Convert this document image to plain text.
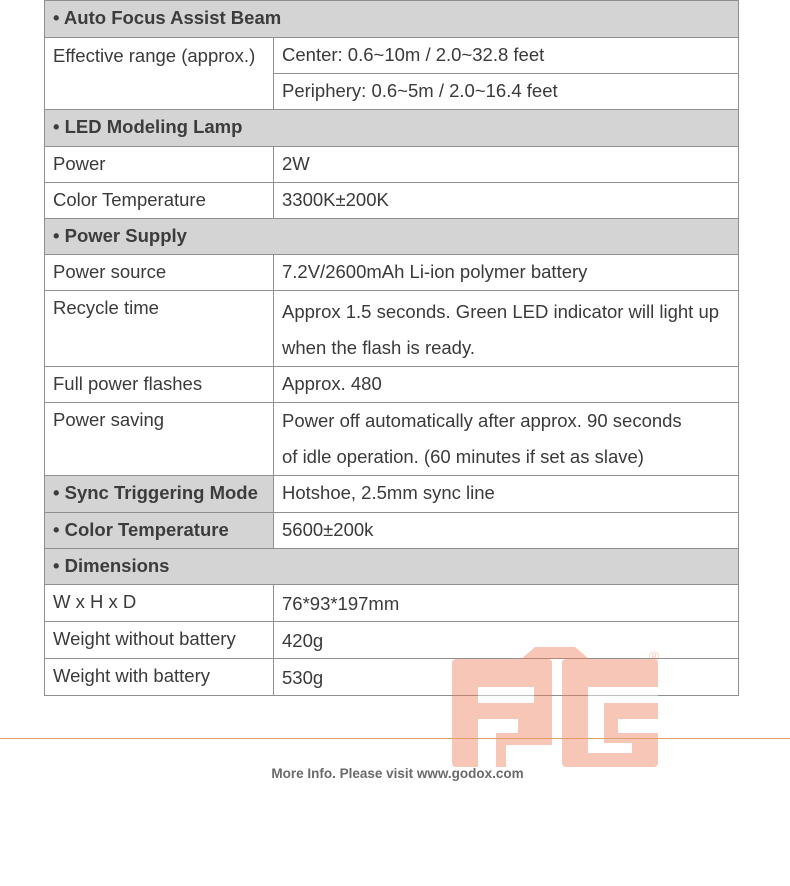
• Auto Focus Assist Beam	
Effective range (approx.)	Center: 0.6~10m / 2.0~32.8 feet
	Periphery: 0.6~5m / 2.0~16.4 feet
• LED Modeling Lamp	
Power	2W
Color Temperature	3300K±200K
• Power Supply	
Power source	7.2V/2600mAh Li-ion polymer battery
Recycle time	Approx 1.5 seconds. Green LED indicator will light up
when the flash is ready.

Full power flashes	Approx. 480
Power saving	Power off automatically after approx. 90 seconds
of idle operation. (60 minutes if set as slave)

• Sync Triggering Mode	Hotshoe, 2.5mm sync line
• Color Temperature	5600±200k
• Dimensions	
W x H x D	76*93*197mm
Weight without battery	420g
Weight with battery	530g
®
More Info. Please visit www.godox.com
